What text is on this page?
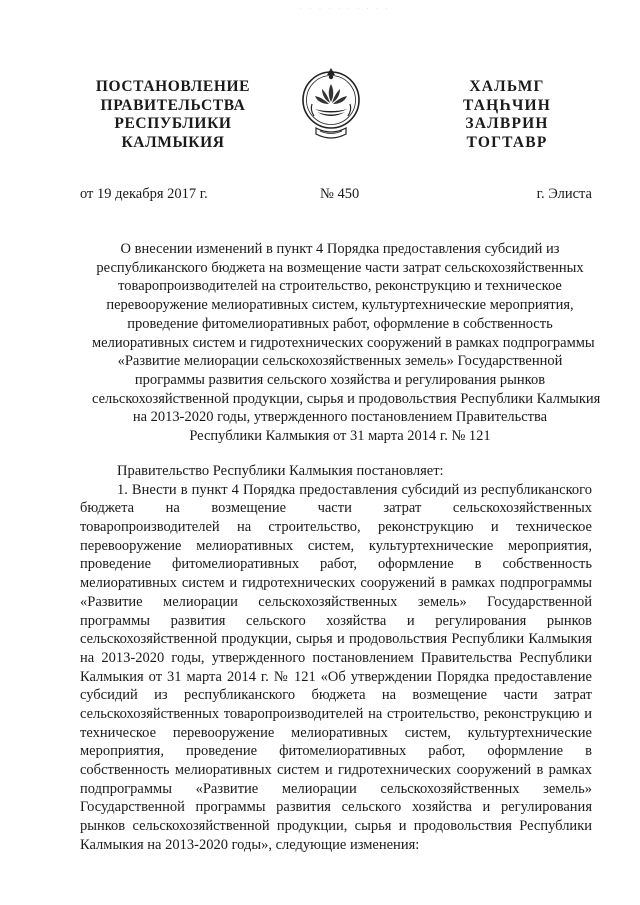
· · · · · · · · · ·
ПОСТАНОВЛЕНИЕ
ПРАВИТЕЛЬСТВА
РЕСПУБЛИКИ
КАЛМЫКИЯ
ХАЛЬМГ
ТАҢҺЧИН
ЗАЛВРИН
ТОГТАВР
от 19 декабря 2017 г.	№ 450	г. Элиста
О внесении изменений в пункт 4 Порядка предоставления субсидий из
республиканского бюджета на возмещение части затрат сельскохозяйственных
товаропроизводителей на строительство, реконструкцию и техническое
перевооружение мелиоративных систем, культуртехнические мероприятия,
проведение фитомелиоративных работ, оформление в собственность
мелиоративных систем и гидротехнических сооружений в рамках подпрограммы
«Развитие мелиорации сельскохозяйственных земель» Государственной
программы развития сельского хозяйства и регулирования рынков
сельскохозяйственной продукции, сырья и продовольствия Республики Калмыкия
на 2013-2020 годы, утвержденного постановлением Правительства
Республики Калмыкия от 31 марта 2014 г. № 121
Правительство Республики Калмыкия постановляет:

1. Внести в пункт 4 Порядка предоставления субсидий из республиканского

бюджета на возмещение части затрат сельскохозяйственных

товаропроизводителей на строительство, реконструкцию и техническое

перевооружение мелиоративных систем, культуртехнические мероприятия,

проведение фитомелиоративных работ, оформление в собственность

мелиоративных систем и гидротехнических сооружений в рамках подпрограммы

«Развитие мелиорации сельскохозяйственных земель» Государственной

программы развития сельского хозяйства и регулирования рынков

сельскохозяйственной продукции, сырья и продовольствия Республики Калмыкия

на 2013-2020 годы, утвержденного постановлением Правительства Республики

Калмыкия от 31 марта 2014 г. № 121 «Об утверждении Порядка предоставление

субсидий из республиканского бюджета на возмещение части затрат

сельскохозяйственных товаропроизводителей на строительство, реконструкцию и

техническое перевооружение мелиоративных систем, культуртехнические

мероприятия, проведение фитомелиоративных работ, оформление в

собственность мелиоративных систем и гидротехнических сооружений в рамках

подпрограммы «Развитие мелиорации сельскохозяйственных земель»

Государственной программы развития сельского хозяйства и регулирования

рынков сельскохозяйственной продукции, сырья и продовольствия Республики

Калмыкия на 2013-2020 годы», следующие изменения:
